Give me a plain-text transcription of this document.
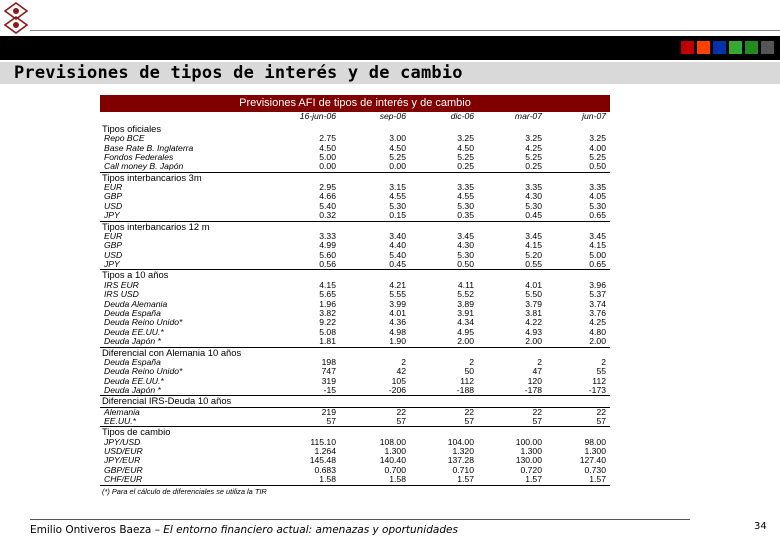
Previsiones de tipos de interés y de cambio
Previsiones AFI de tipos de interés y de cambio
	16-jun-06	sep-06	dic-06	mar-07	jun-07
Tipos oficiales					
Repo BCE	2.75	3.00	3.25	3.25	3.25
Base Rate B. Inglaterra	4.50	4.50	4.50	4.25	4.00
Fondos Federales	5.00	5.25	5.25	5.25	5.25
Call money B. Japón	0.00	0.00	0.25	0.25	0.50
Tipos interbancarios 3m					
EUR	2.95	3.15	3.35	3.35	3.35
GBP	4.66	4.55	4.55	4.30	4.05
USD	5.40	5.30	5.30	5.30	5.30
JPY	0.32	0.15	0.35	0.45	0.65
Tipos interbancarios 12 m					
EUR	3.33	3.40	3.45	3.45	3.45
GBP	4.99	4.40	4.30	4.15	4.15
USD	5.60	5.40	5.30	5.20	5.00
JPY	0.56	0.45	0.50	0.55	0.65
Tipos a 10 años					
IRS EUR	4.15	4.21	4.11	4.01	3.96
IRS USD	5.65	5.55	5.52	5.50	5.37
Deuda Alemania	1.96	3.99	3.89	3.79	3.74
Deuda España	3.82	4.01	3.91	3.81	3.76
Deuda Reino Unido*	9.22	4.36	4.34	4.22	4.25
Deuda EE.UU.*	5.08	4.98	4.95	4.93	4.80
Deuda Japón *	1.81	1.90	2.00	2.00	2.00
Diferencial con Alemania 10 años					
Deuda España	198	2	2	2	2
Deuda Reino Unido*	747	42	50	47	55
Deuda EE.UU.*	319	105	112	120	112
Deuda Japón *	-15	-206	-188	-178	-173
Diferencial IRS-Deuda 10 años					
Alemania	219	22	22	22	22
EE.UU.*	57	57	57	57	57
Tipos de cambio					
JPY/USD	115.10	108.00	104.00	100.00	98.00
USD/EUR	1.264	1.300	1.320	1.300	1.300
JPY/EUR	145.48	140.40	137.28	130.00	127.40
GBP/EUR	0.683	0.700	0.710	0.720	0.730
CHF/EUR	1.58	1.58	1.57	1.57	1.57
(*) Para el cálculo de diferenciales se utiliza la TIR
Emilio Ontiveros Baeza – El entorno financiero actual: amenazas y oportunidades	34
